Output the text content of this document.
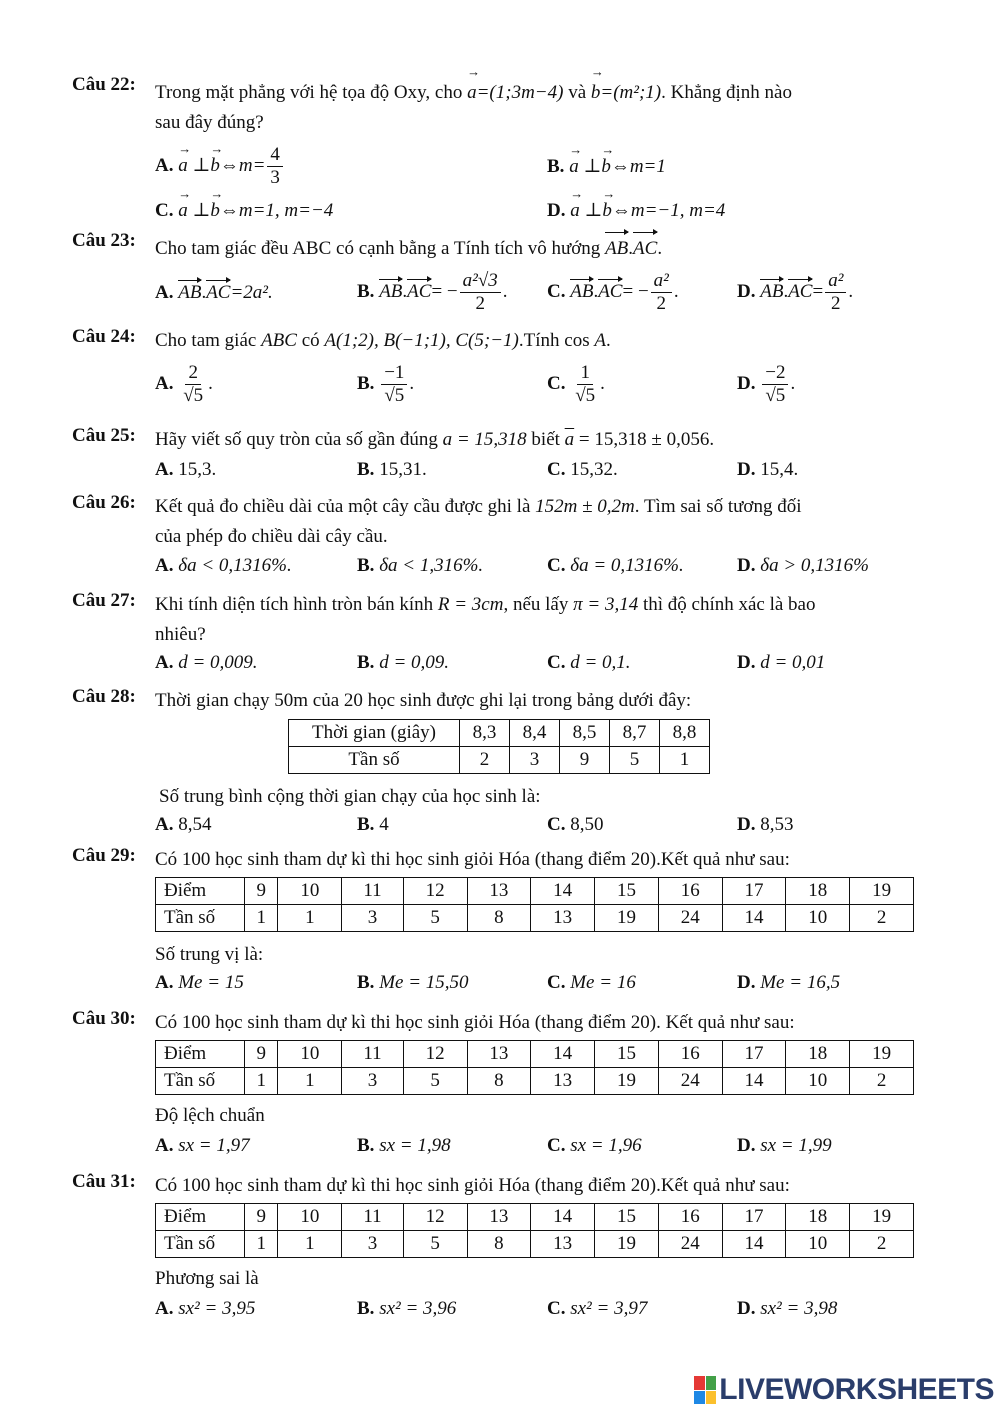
Câu 22: Trong mặt phẳng với hệ tọa độ Oxy, cho → a=(1;3m−4) và → b=(m²;1). Khẳng định nào
sau đây đúng?
A. → a ⊥→ b⇔m= $\frac{4}{3}$	B. → a ⊥→ b⇔m=1
C. → a ⊥→ b⇔m=1, m=−4	D. → a ⊥→ b⇔m=−1, m=4
Câu 23: Cho tam giác đều ABC có cạnh bằng a Tính tích vô hướng AB.AC.
A. AB.AC=2a².	B. $AB.AC= - \frac{\text{a²√3}}{2}$ . C. $AB.AC= - \frac{\text{a²}}{2}$ .	D. $AB.AC= \frac{\text{a²}}{2}$ .
Câu 24: Cho tam giác ABC có A(1;2), B(−1;1), C(5;−1).Tính cos A.
A. $\frac{2}{√5}$ .	B. $\frac{-1}{√5}$ .	C. $\frac{1}{√5}$ .	D. $\frac{-2}{√5}$ .
Câu 25: Hãy viết số quy tròn của số gần đúng a = 15,318 biết $\overline{a} = 15,318 \pm 0,056$.
A. 15,3.	B. 15,31.	C. 15,32.	D. 15,4.
Câu 26: Kết quả đo chiều dài của một cây cầu được ghi là 152m ± 0,2m. Tìm sai số tương đối
của phép đo chiều dài cây cầu.
A. δa < 0,1316%.	B. δa < 1,316%.	C. δa = 0,1316%.	D. δa > 0,1316%
Câu 27: Khi tính diện tích hình tròn bán kính R = 3cm, nếu lấy π = 3,14 thì độ chính xác là bao
nhiêu?
A. d = 0,009.	B. d = 0,09.	C. d = 0,1.	D. d = 0,01
Câu 28: Thời gian chạy 50m của 20 học sinh được ghi lại trong bảng dưới đây:
Thời gian (giây)	8,3	8,4	8,5	8,7	8,8
Tần số	2	3	9	5	1
Số trung bình cộng thời gian chạy của học sinh là:
A. 8,54	B. 4	C. 8,50	D. 8,53
Câu 29: Có 100 học sinh tham dự kì thi học sinh giỏi Hóa (thang điểm 20).Kết quả như sau:
Điểm	9	10	11	12	13	14	15	16	17	18	19
Tần số	1	1	3	5	8	13	19	24	14	10	2
Số trung vị là:
A. Me = 15	B. Me = 15,50	C. Me = 16	D. Me = 16,5
Câu 30: Có 100 học sinh tham dự kì thi học sinh giỏi Hóa (thang điểm 20). Kết quả như sau:
Điểm	9	10	11	12	13	14	15	16	17	18	19
Tần số	1	1	3	5	8	13	19	24	14	10	2
Độ lệch chuẩn
A. sx = 1,97	B. sx = 1,98	C. sx = 1,96	D. sx = 1,99
Câu 31: Có 100 học sinh tham dự kì thi học sinh giỏi Hóa (thang điểm 20).Kết quả như sau:
Điểm	9	10	11	12	13	14	15	16	17	18	19
Tần số	1	1	3	5	8	13	19	24	14	10	2
Phương sai là
A. sx² = 3,95	B. sx² = 3,96	C. sx² = 3,97	D. sx² = 3,98
LIVEWORKSHEETS
